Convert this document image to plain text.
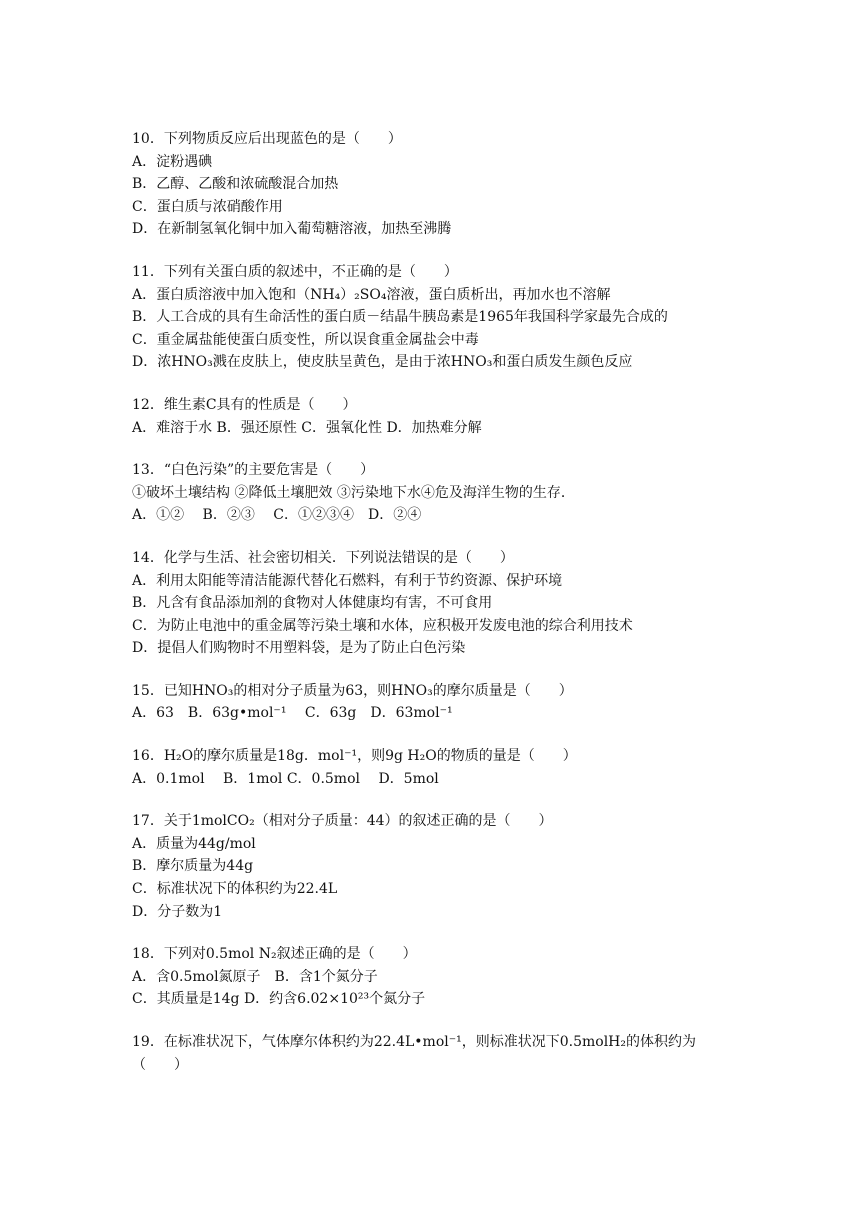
10．下列物质反应后出现蓝色的是（　　）
A．淀粉遇碘
B．乙醇、乙酸和浓硫酸混合加热
C．蛋白质与浓硝酸作用
D．在新制氢氧化铜中加入葡萄糖溶液，加热至沸腾
11．下列有关蛋白质的叙述中，不正确的是（　　）
A．蛋白质溶液中加入饱和（NH₄）₂SO₄溶液，蛋白质析出，再加水也不溶解
B．人工合成的具有生命活性的蛋白质－结晶牛胰岛素是1965年我国科学家最先合成的
C．重金属盐能使蛋白质变性，所以误食重金属盐会中毒
D．浓HNO₃溅在皮肤上，使皮肤呈黄色，是由于浓HNO₃和蛋白质发生颜色反应
12．维生素C具有的性质是（　　）
A．难溶于水 B．强还原性 C．强氧化性 D．加热难分解
13．“白色污染”的主要危害是（　　）
①破坏土壤结构 ②降低土壤肥效 ③污染地下水④危及海洋生物的生存．
A．①②　 B．②③　 C．①②③④　D．②④
14．化学与生活、社会密切相关．下列说法错误的是（　　）
A．利用太阳能等清洁能源代替化石燃料，有利于节约资源、保护环境
B．凡含有食品添加剂的食物对人体健康均有害，不可食用
C．为防止电池中的重金属等污染土壤和水体，应积极开发废电池的综合利用技术
D．提倡人们购物时不用塑料袋，是为了防止白色污染
15．已知HNO₃的相对分子质量为63，则HNO₃的摩尔质量是（　　）
A．63　B．63g•mol⁻¹　 C．63g　D．63mol⁻¹
16．H₂O的摩尔质量是18g．mol⁻¹，则9g H₂O的物质的量是（　　）
A．0.1mol　 B．1mol C．0.5mol　 D．5mol
17．关于1molCO₂（相对分子质量：44）的叙述正确的是（　　）
A．质量为44g/mol
B．摩尔质量为44g
C．标准状况下的体积约为22.4L
D．分子数为1
18．下列对0.5mol N₂叙述正确的是（　　）
A．含0.5mol氮原子　B．含1个氮分子
C．其质量是14g D．约含6.02×10²³个氮分子
19．在标准状况下，气体摩尔体积约为22.4L•mol⁻¹，则标准状况下0.5molH₂的体积约为
（　　）
